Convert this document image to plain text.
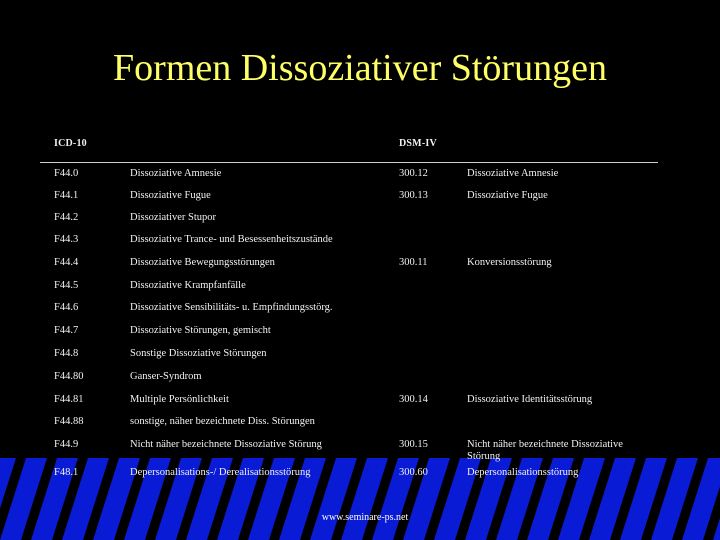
Formen Dissoziativer Störungen
ICD-10	DSM-IV
F44.0	Dissoziative Amnesie	300.12	Dissoziative Amnesie
F44.1	Dissoziative Fugue	300.13	Dissoziative Fugue
F44.2	Dissoziativer Stupor
F44.3	Dissoziative Trance- und Besessenheitszustände
F44.4	Dissoziative Bewegungsstörungen	300.11	Konversionsstörung
F44.5	Dissoziative Krampfanfälle
F44.6	Dissoziative Sensibilitäts- u. Empfindungsstörg.
F44.7	Dissoziative Störungen, gemischt
F44.8	Sonstige Dissoziative Störungen
F44.80	Ganser-Syndrom
F44.81	Multiple Persönlichkeit	300.14	Dissoziative Identitätsstörung
F44.88	sonstige, näher bezeichnete Diss. Störungen
F44.9	Nicht näher bezeichnete Dissoziative Störung	300.15	Nicht näher bezeichnete Dissoziative Störung
F48.1	Depersonalisations-/ Derealisationsstörung	300.60	Depersonalisationsstörung
www.seminare-ps.net
